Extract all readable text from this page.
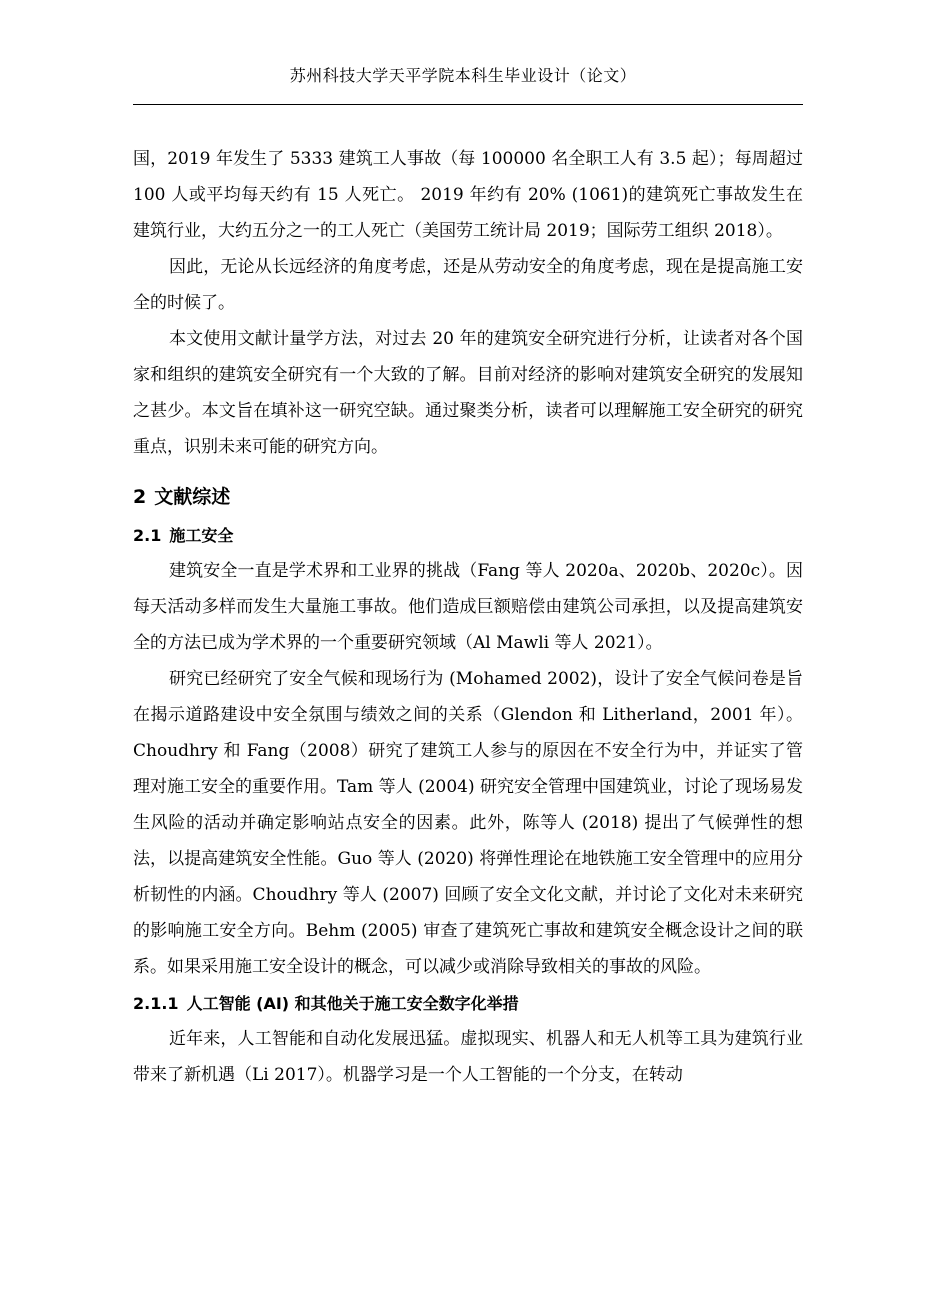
苏州科技大学天平学院本科生毕业设计（论文）

国，2019 年发生了 5333 建筑工人事故（每 100000 名全职工人有 3.5 起）；每周超过 100 人或平均每天约有 15 人死亡。 2019 年约有 20% (1061)的建筑死亡事故发生在建筑行业，大约五分之一的工人死亡（美国劳工统计局 2019；国际劳工组织 2018）。

因此，无论从长远经济的角度考虑，还是从劳动安全的角度考虑，现在是提高施工安全的时候了。

本文使用文献计量学方法，对过去 20 年的建筑安全研究进行分析，让读者对各个国家和组织的建筑安全研究有一个大致的了解。目前对经济的影响对建筑安全研究的发展知之甚少。本文旨在填补这一研究空缺。通过聚类分析，读者可以理解施工安全研究的研究重点，识别未来可能的研究方向。

2 文献综述
2.1 施工安全

建筑安全一直是学术界和工业界的挑战（Fang 等人 2020a、2020b、2020c）。因每天活动多样而发生大量施工事故。他们造成巨额赔偿由建筑公司承担，以及提高建筑安全的方法已成为学术界的一个重要研究领域（Al Mawli 等人 2021）。

研究已经研究了安全气候和现场行为 (Mohamed 2002)，设计了安全气候问卷是旨在揭示道路建设中安全氛围与绩效之间的关系（Glendon 和 Litherland，2001 年）。Choudhry 和 Fang（2008）研究了建筑工人参与的原因在不安全行为中，并证实了管理对施工安全的重要作用。Tam 等人 (2004) 研究安全管理中国建筑业，讨论了现场易发生风险的活动并确定影响站点安全的因素。此外，陈等人 (2018) 提出了气候弹性的想法，以提高建筑安全性能。Guo 等人 (2020) 将弹性理论在地铁施工安全管理中的应用分析韧性的内涵。Choudhry 等人 (2007) 回顾了安全文化文献，并讨论了文化对未来研究的影响施工安全方向。Behm (2005) 审查了建筑死亡事故和建筑安全概念设计之间的联系。如果采用施工安全设计的概念，可以减少或消除导致相关的事故的风险。

2.1.1 人工智能 (AI) 和其他关于施工安全数字化举措

近年来，人工智能和自动化发展迅猛。虚拟现实、机器人和无人机等工具为建筑行业带来了新机遇（Li 2017）。机器学习是一个人工智能的一个分支，在转动
